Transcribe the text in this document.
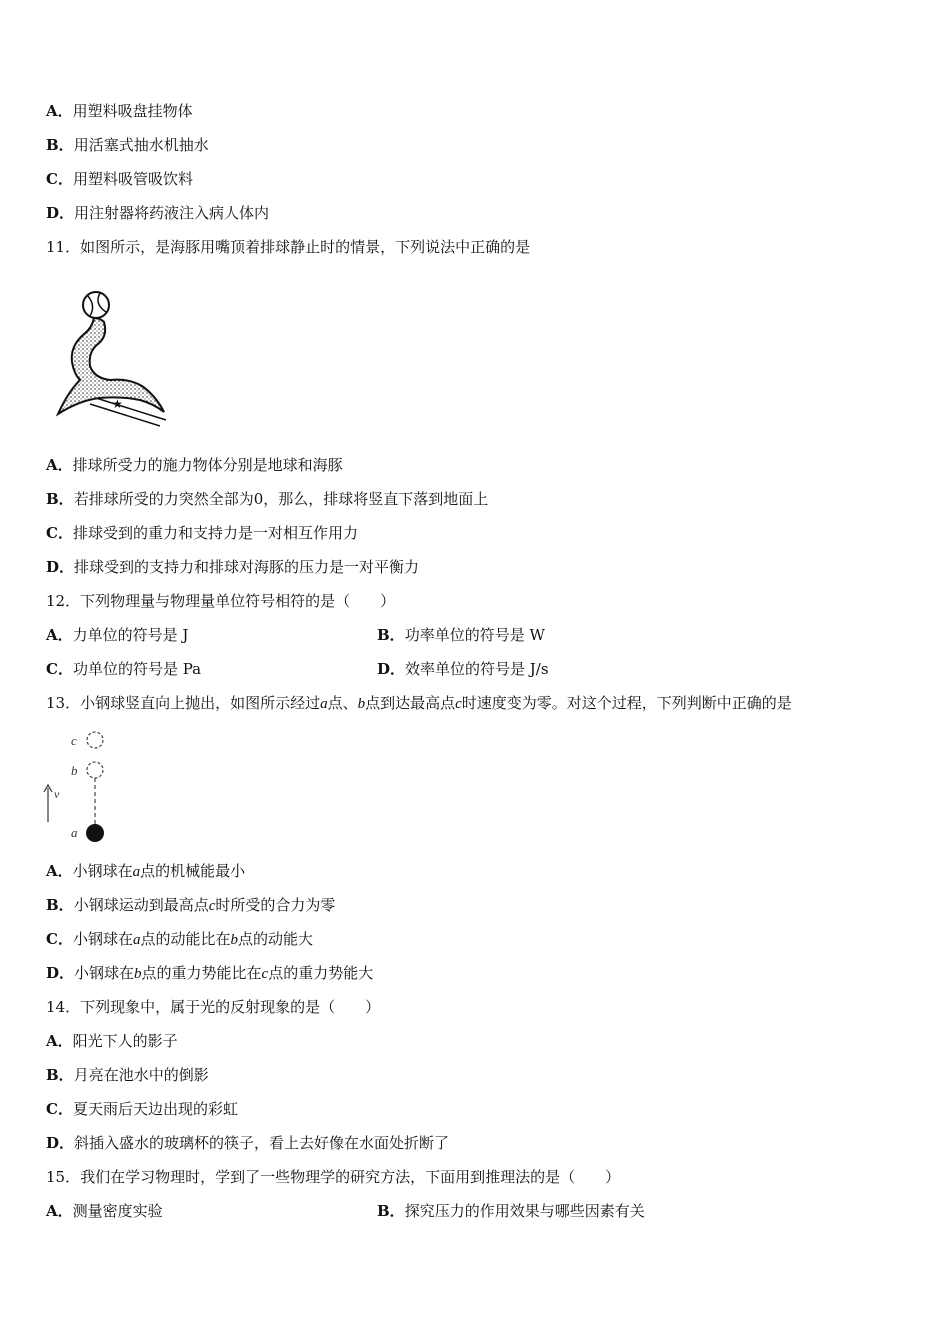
A．用塑料吸盘挂物体
B．用活塞式抽水机抽水
C．用塑料吸管吸饮料
D．用注射器将药液注入病人体内
11．如图所示，是海豚用嘴顶着排球静止时的情景，下列说法中正确的是
★
A．排球所受力的施力物体分别是地球和海豚
B．若排球所受的力突然全部为0，那么，排球将竖直下落到地面上
C．排球受到的重力和支持力是一对相互作用力
D．排球受到的支持力和排球对海豚的压力是一对平衡力
12．下列物理量与物理量单位符号相符的是（　　）
A．力单位的符号是 J	B．功率单位的符号是 W
C．功单位的符号是 Pa	D．效率单位的符号是 J/s
13．小钢球竖直向上抛出，如图所示经过a点、b点到达最高点c时速度变为零。对这个过程，下列判断中正确的是
c
b
v
a
A．小钢球在a点的机械能最小
B．小钢球运动到最高点c时所受的合力为零
C．小钢球在a点的动能比在b点的动能大
D．小钢球在b点的重力势能比在c点的重力势能大
14．下列现象中，属于光的反射现象的是（　　）
A．阳光下人的影子
B．月亮在池水中的倒影
C．夏天雨后天边出现的彩虹
D．斜插入盛水的玻璃杯的筷子，看上去好像在水面处折断了
15．我们在学习物理时，学到了一些物理学的研究方法，下面用到推理法的是（　　）
A．测量密度实验	B．探究压力的作用效果与哪些因素有关
